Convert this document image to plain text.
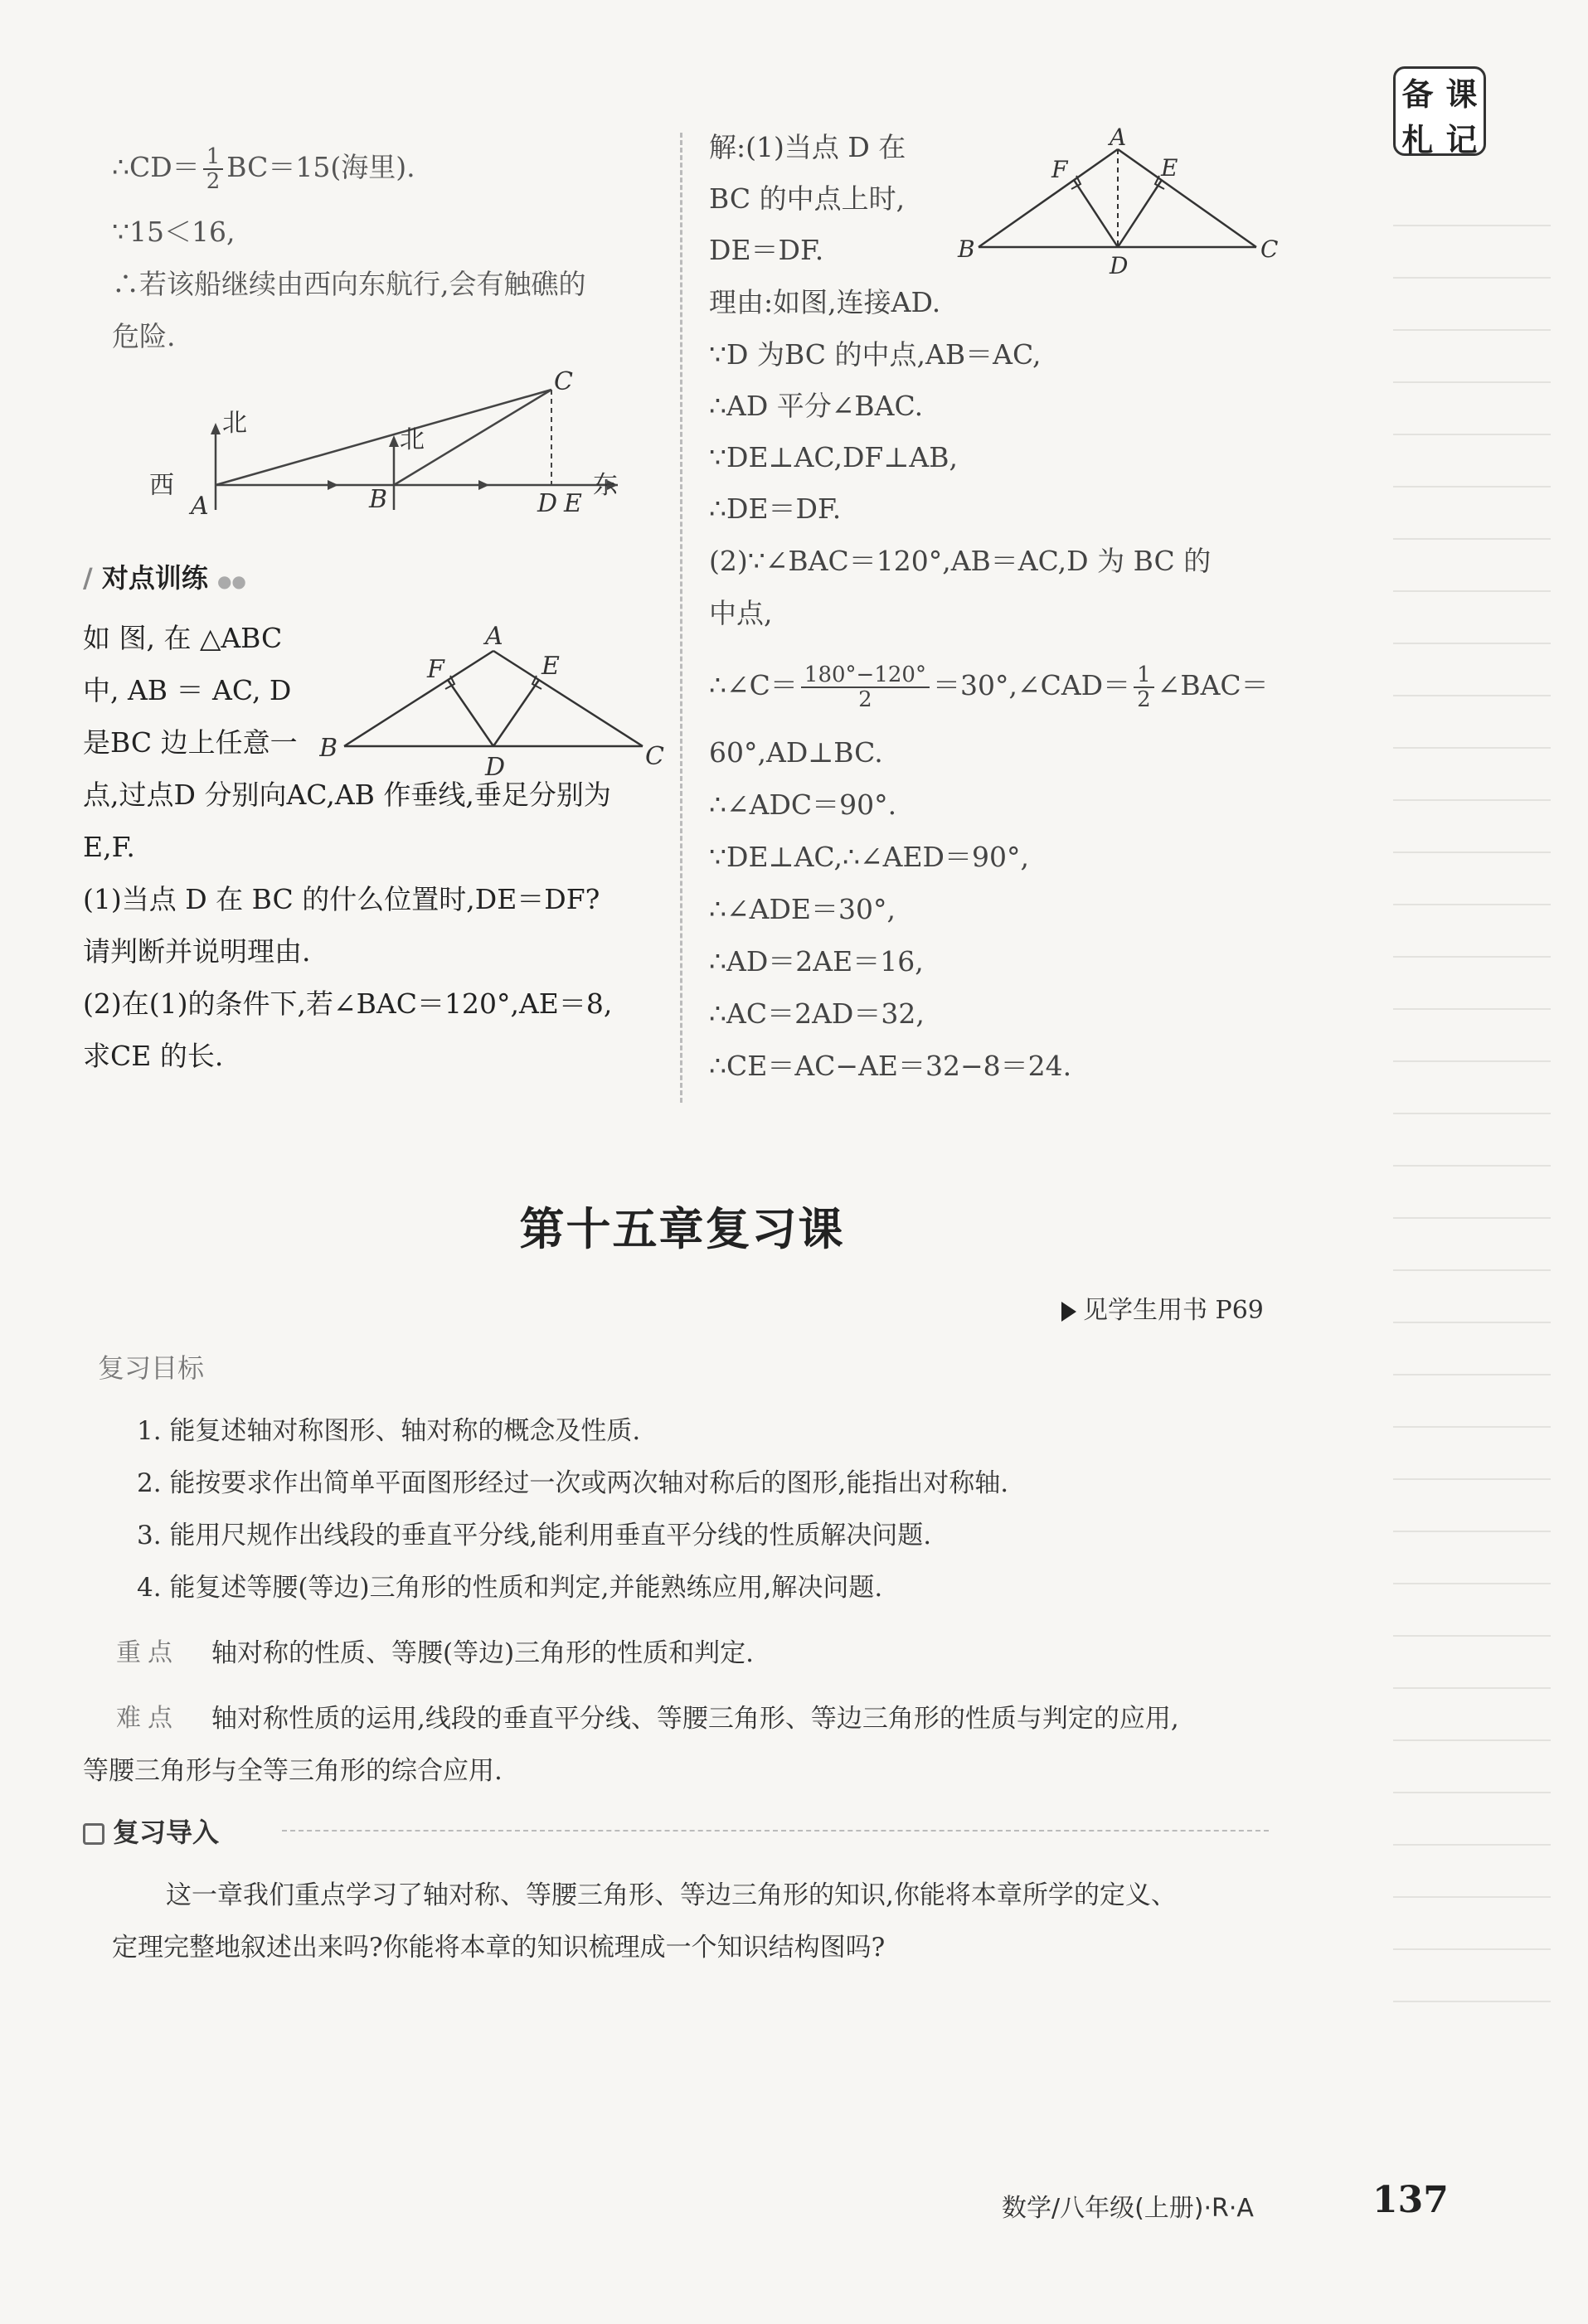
备 课
札 记
∴CD＝ $\frac{1}{2} BC=15$(海里).
∵15＜16,
∴若该船继续由西向东航行,会有触礁的
危险.
西	东
北
北
A	B
C
D E
∕ 对点训练 ●●
如 图, 在 △ABC
中, AB ＝ AC, D
是BC 边上任意一
点,过点D 分别向AC,AB 作垂线,垂足分别为
E,F.
(1)当点 D 在 BC 的什么位置时,DE＝DF?
请判断并说明理由.
(2)在(1)的条件下,若∠BAC＝120°,AE＝8,
求CE 的长.
A
B	C
D
E
F
解:(1)当点 D 在
BC 的中点上时,
DE＝DF.
理由:如图,连接AD.
∵D 为BC 的中点,AB＝AC,
∴AD 平分∠BAC.
∵DE⊥AC,DF⊥AB,
∴DE＝DF.
(2)∵∠BAC＝120°,AB＝AC,D 为 BC 的
中点,
∴∠C＝ $\frac{180^\circ-120^\circ}{2}$ ＝30°,∠CAD＝ $\frac{1}{2}$ ∠BAC＝
60°,AD⊥BC.
∴∠ADC＝90°.
∵DE⊥AC,∴∠AED＝90°,
∴∠ADE＝30°,
∴AD＝2AE＝16,
∴AC＝2AD＝32,
∴CE＝AC−AE＝32−8＝24.
A
B	C
D
E
F
第十五章复习课
见学生用书 P69
复习目标
1. 能复述轴对称图形、轴对称的概念及性质.
2. 能按要求作出简单平面图形经过一次或两次轴对称后的图形,能指出对称轴.
3. 能用尺规作出线段的垂直平分线,能利用垂直平分线的性质解决问题.
4. 能复述等腰(等边)三角形的性质和判定,并能熟练应用,解决问题.
重点 轴对称的性质、等腰(等边)三角形的性质和判定.
难点 轴对称性质的运用,线段的垂直平分线、等腰三角形、等边三角形的性质与判定的应用,
等腰三角形与全等三角形的综合应用.
复习导入
这一章我们重点学习了轴对称、等腰三角形、等边三角形的知识,你能将本章所学的定义、
定理完整地叙述出来吗?你能将本章的知识梳理成一个知识结构图吗?
数学/八年级(上册)·R·A	137
